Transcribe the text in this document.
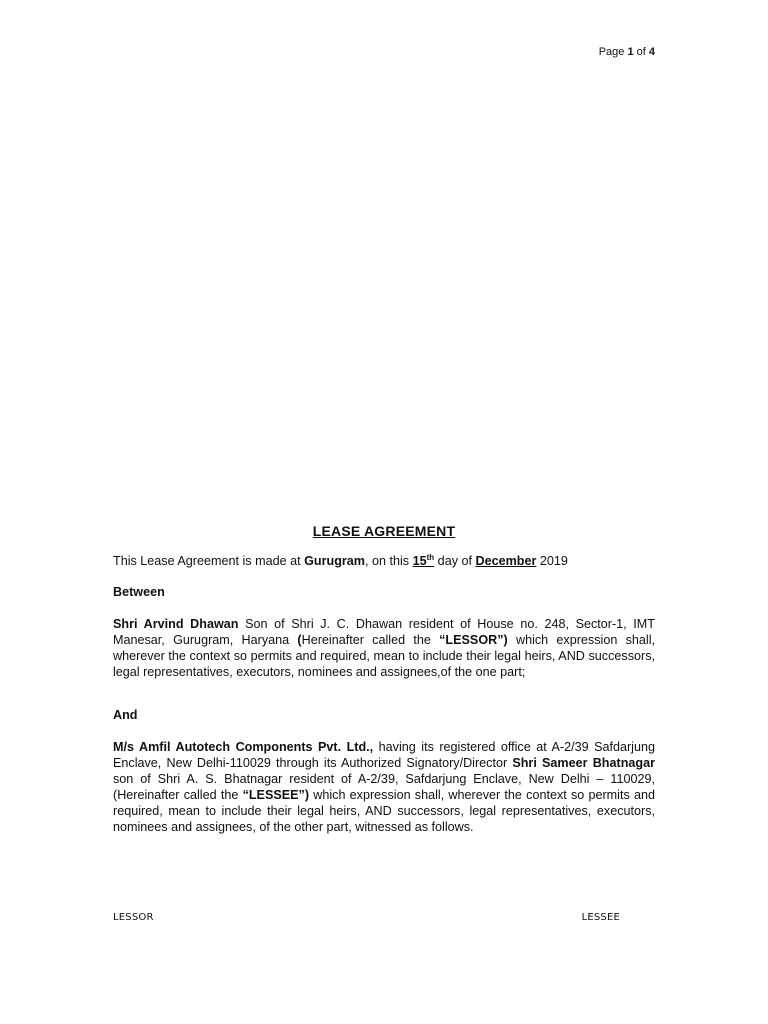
Page 1 of 4
LEASE AGREEMENT
This Lease Agreement is made at Gurugram, on this 15th day of December 2019
Between

Shri Arvind Dhawan Son of Shri J. C. Dhawan resident of House no. 248, Sector-1, IMT Manesar, Gurugram, Haryana (Hereinafter called the “LESSOR”) which expression shall, wherever the context so permits and required, mean to include their legal heirs, AND successors, legal representatives, executors, nominees and assignees,of the one part;

And

M/s Amfil Autotech Components Pvt. Ltd., having its registered office at A-2/39 Safdarjung Enclave, New Delhi-110029 through its Authorized Signatory/Director Shri Sameer Bhatnagar son of Shri A. S. Bhatnagar resident of A-2/39, Safdarjung Enclave, New Delhi – 110029, (Hereinafter called the “LESSEE”) which expression shall, wherever the context so permits and required, mean to include their legal heirs, AND successors, legal representatives, executors, nominees and assignees, of the other part, witnessed as follows.

LESSOR	LESSEE
